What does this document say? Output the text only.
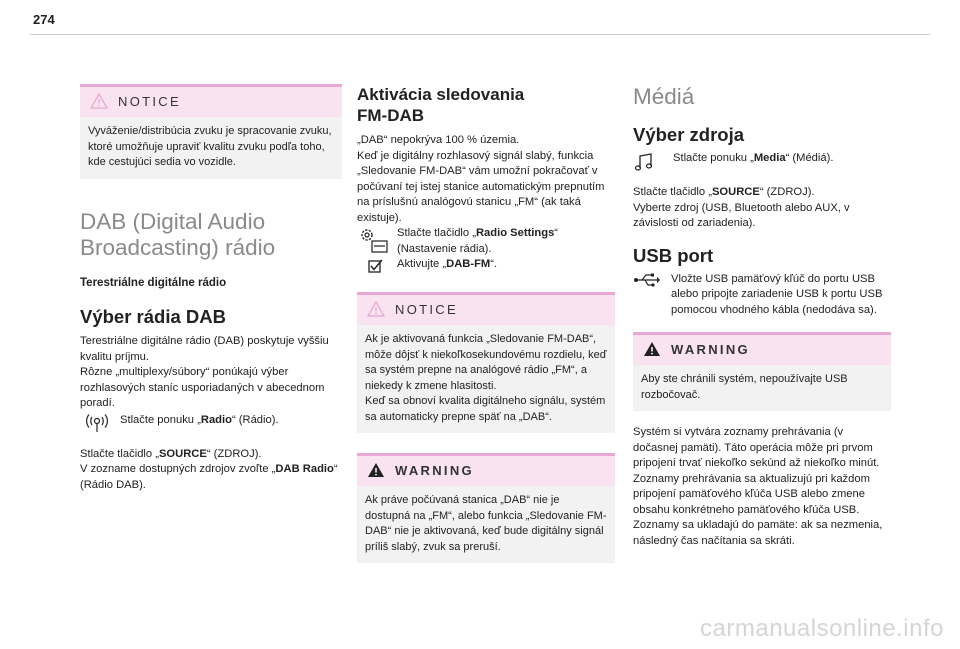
274
NOTICE
Vyváženie/distribúcia zvuku je spracovanie zvuku, ktoré umožňuje upraviť kvalitu zvuku podľa toho, kde cestujúci sedia vo vozidle.
DAB (Digital Audio
Broadcasting) rádio

Terestriálne digitálne rádio

Výber rádia DAB

Terestriálne digitálne rádio (DAB) poskytuje vyššiu kvalitu príjmu.

Rôzne „multiplexy/súbory“ ponúkajú výber rozhlasových staníc usporiadaných v abecednom poradí.

Stlačte ponuku „Radio“ (Rádio).

Stlačte tlačidlo „SOURCE“ (ZDROJ).

V zozname dostupných zdrojov zvoľte „DAB Radio“ (Rádio DAB).

Aktivácia sledovania
FM-DAB

„DAB“ nepokrýva 100 % územia.

Keď je digitálny rozhlasový signál slabý, funkcia „Sledovanie FM-DAB“ vám umožní pokračovať v počúvaní tej istej stanice automatickým prepnutím na príslušnú analógovú stanicu „FM“ (ak taká existuje).

Stlačte tlačidlo „Radio Settings“
(Nastavenie rádia).

Aktivujte „DAB-FM“.

NOTICE
Ak je aktivovaná funkcia „Sledovanie FM-DAB“, môže dôjsť k niekoľkosekundovému rozdielu, keď sa systém prepne na analógové rádio „FM“, a niekedy k zmene hlasitosti.
Keď sa obnoví kvalita digitálneho signálu, systém sa automaticky prepne späť na „DAB“.
WARNING
Ak práve počúvaná stanica „DAB“ nie je dostupná na „FM“, alebo funkcia „Sledovanie FM-DAB“ nie je aktivovaná, keď bude digitálny signál príliš slabý, zvuk sa preruší.
Médiá
Výber zdroja

Stlačte ponuku „Media“ (Médiá).

Stlačte tlačidlo „SOURCE“ (ZDROJ).

Vyberte zdroj (USB, Bluetooth alebo AUX, v závislosti od zariadenia).

USB port

Vložte USB pamäťový kľúč do portu USB alebo pripojte zariadenie USB k portu USB pomocou vhodného kábla (nedodáva sa).

WARNING
Aby ste chránili systém, nepoužívajte USB rozbočovač.

Systém si vytvára zoznamy prehrávania (v dočasnej pamäti). Táto operácia môže pri prvom pripojení trvať niekoľko sekúnd až niekoľko minút.

Zoznamy prehrávania sa aktualizujú pri každom pripojení pamäťového kľúča USB alebo zmene obsahu konkrétneho pamäťového kľúča USB. Zoznamy sa ukladajú do pamäte: ak sa nezmenia, následný čas načítania sa skráti.

carmanualsonline.info
